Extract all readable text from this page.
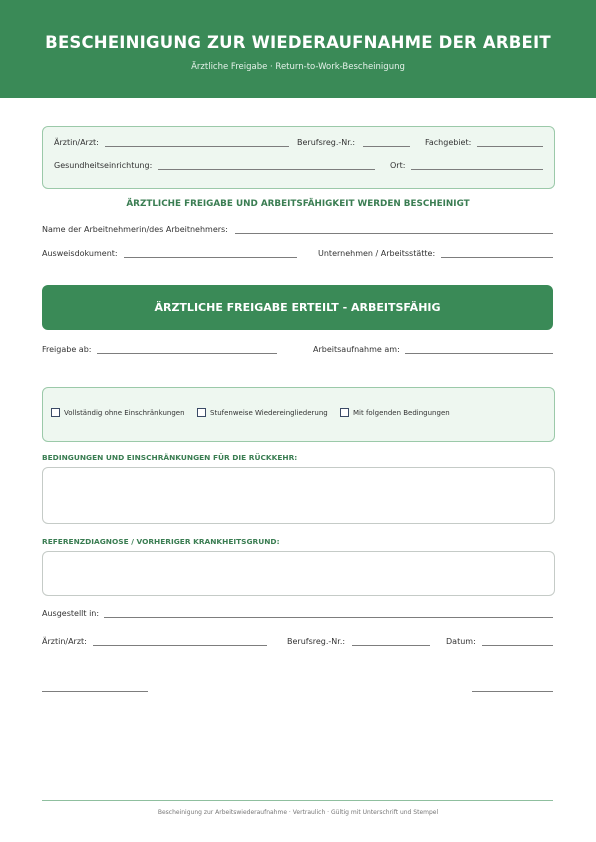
BESCHEINIGUNG ZUR WIEDERAUFNAHME DER ARBEIT
Ärztliche Freigabe · Return-to-Work-Bescheinigung
Ärztin/Arzt:	Berufsreg.-Nr.:	Fachgebiet:
Gesundheitseinrichtung:	Ort:
ÄRZTLICHE FREIGABE UND ARBEITSFÄHIGKEIT WERDEN BESCHEINIGT
Name der Arbeitnehmerin/des Arbeitnehmers:
Ausweisdokument:	Unternehmen / Arbeitsstätte:
ÄRZTLICHE FREIGABE ERTEILT - ARBEITSFÄHIG
Freigabe ab:	Arbeitsaufnahme am:
Vollständig ohne Einschränkungen	Stufenweise Wiedereingliederung	Mit folgenden Bedingungen
BEDINGUNGEN UND EINSCHRÄNKUNGEN FÜR DIE RÜCKKEHR:
REFERENZDIAGNOSE / VORHERIGER KRANKHEITSGRUND:
Ausgestellt in:
Ärztin/Arzt:	Berufsreg.-Nr.:	Datum:
Bescheinigung zur Arbeitswiederaufnahme · Vertraulich · Gültig mit Unterschrift und Stempel
